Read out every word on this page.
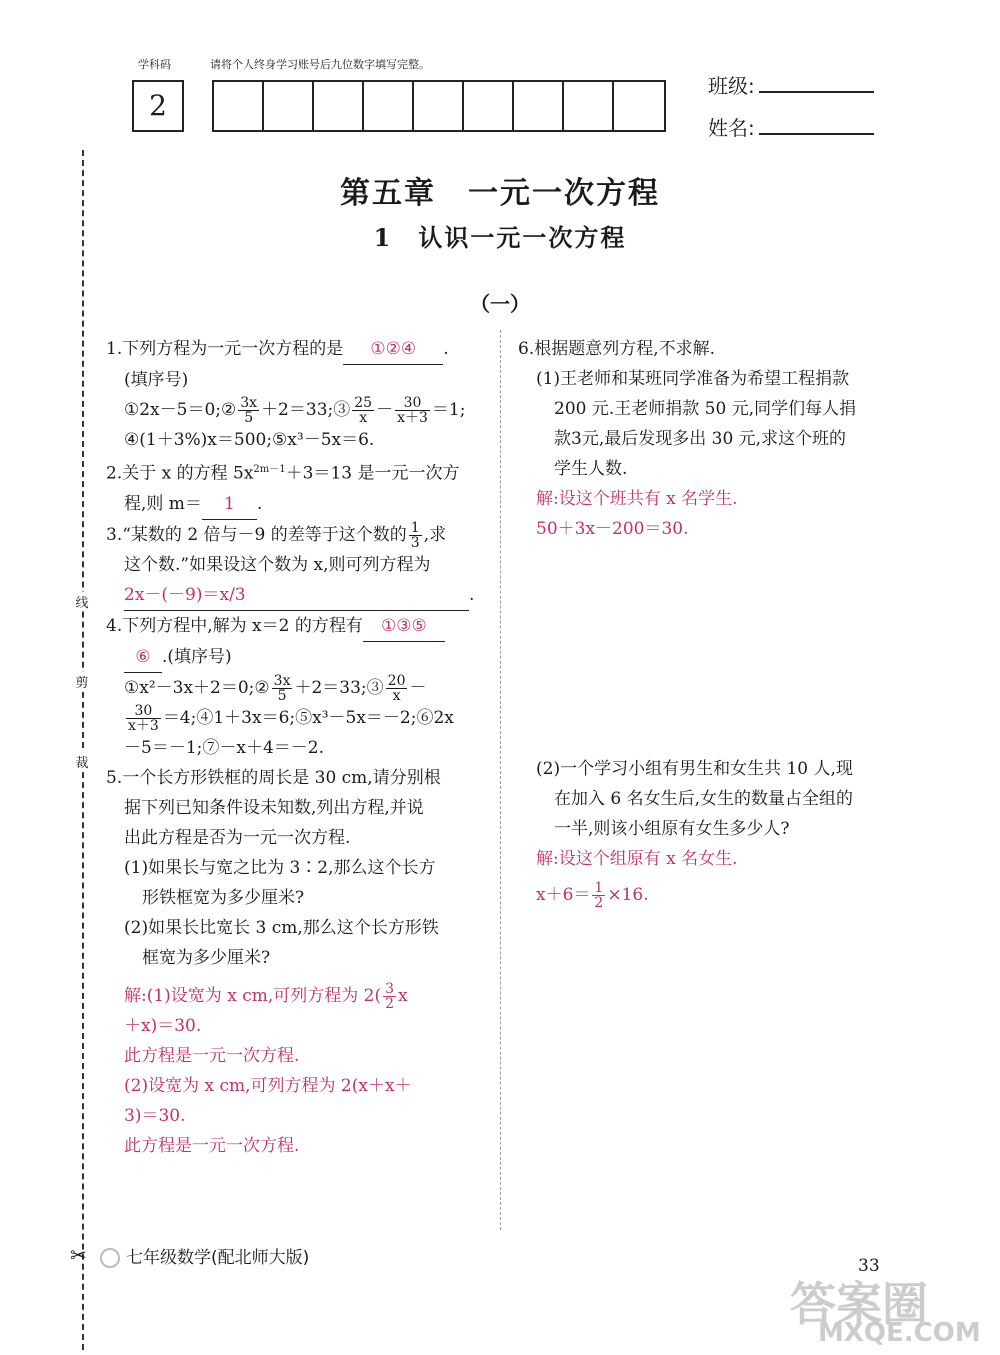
学科码	请将个人终身学习账号后九位数字填写完整。
2
班级:
姓名:
线
剪
裁
✂
第五章　一元一次方程
1　认识一元一次方程
（一）

1.下列方程为一元一次方程的是 ①②④ .

(填序号)

①2x－5＝0;② $\frac{3x}{5}$ ＋2＝33;③ $\frac{25}{x} - \frac{30}{x+3} =1$;

④(1＋3%)x＝500;⑤x³－5x＝6.

2.关于 x 的方程 $5x^{2m-1}+3=13$ 是一元一次方

程,则 m＝ 1 .

3.“某数的 2 倍与－9 的差等于这个数的 $\frac{1}{3}$ ,求

这个数.”如果设这个数为 x,则可列方程为

2x－(－9)＝x/3	.

4.下列方程中,解为 x＝2 的方程有 ①③⑤

⑥ .(填序号)

①x²－3x＋2＝0;② $\frac{3x}{5}$ ＋2＝33;③ $\frac{20}{x}$ －

$\frac{30}{x+3}$ ＝4;④1＋3x＝6;⑤x³－5x＝－2;⑥2x

－5＝－1;⑦－x＋4＝－2.

5.一个长方形铁框的周长是 30 cm,请分别根

据下列已知条件设未知数,列出方程,并说

出此方程是否为一元一次方程.

(1)如果长与宽之比为 3∶2,那么这个长方

形铁框宽为多少厘米?

(2)如果长比宽长 3 cm,那么这个长方形铁

框宽为多少厘米?

解:(1)设宽为 x cm,可列方程为 $2( \frac{3}{2}$ x

＋x)＝30.

此方程是一元一次方程.

(2)设宽为 x cm,可列方程为 2(x＋x＋

3)＝30.

此方程是一元一次方程.

6.根据题意列方程,不求解.

(1)王老师和某班同学准备为希望工程捐款

200 元.王老师捐款 50 元,同学们每人捐

款3元,最后发现多出 30 元,求这个班的

学生人数.

解:设这个班共有 x 名学生.

50＋3x－200＝30.

(2)一个学习小组有男生和女生共 10 人,现

在加入 6 名女生后,女生的数量占全组的

一半,则该小组原有女生多少人?

解:设这个组原有 x 名女生.

$x+6= \frac{1}{2} \times 16$.

七年级数学(配北师大版)	33
答案圈
MXQE.COM
